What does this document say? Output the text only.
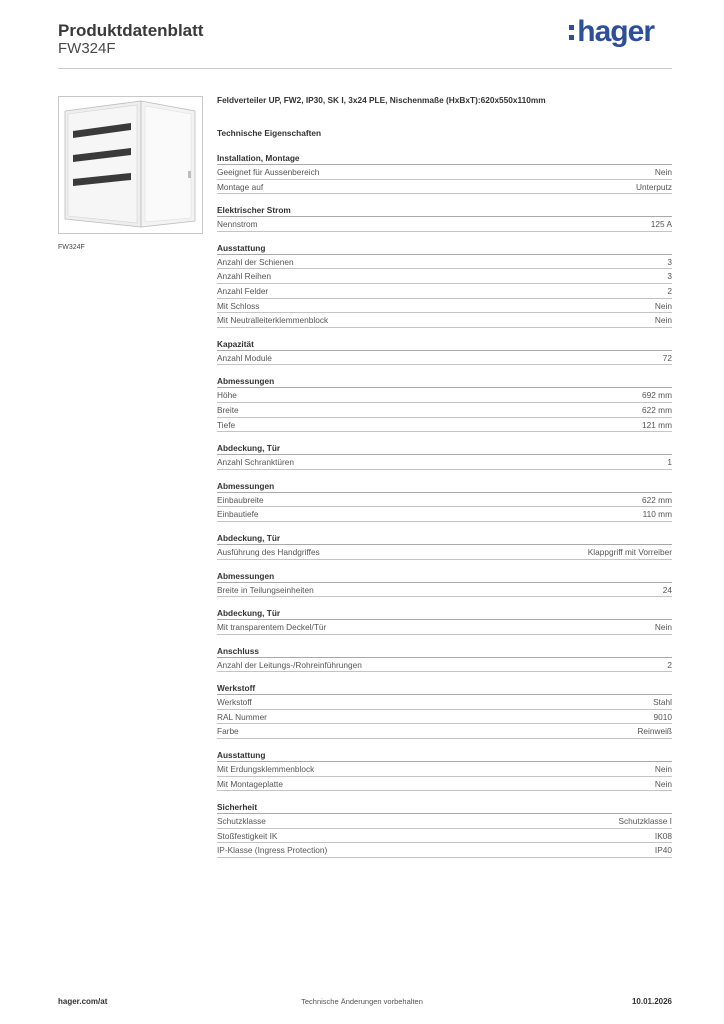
Produktdatenblatt
FW324F
hager
FW324F
Feldverteiler UP, FW2, IP30, SK I, 3x24 PLE, Nischenmaße (HxBxT):620x550x110mm
Technische Eigenschaften
Installation, Montage
Geeignet für Aussenbereich	Nein
Montage auf	Unterputz
Elektrischer Strom
Nennstrom	125 A
Ausstattung
Anzahl der Schienen	3
Anzahl Reihen	3
Anzahl Felder	2
Mit Schloss	Nein
Mit Neutralleiterklemmenblock	Nein
Kapazität
Anzahl Module	72
Abmessungen
Höhe	692 mm
Breite	622 mm
Tiefe	121 mm
Abdeckung, Tür
Anzahl Schranktüren	1
Abmessungen
Einbaubreite	622 mm
Einbautiefe	110 mm
Abdeckung, Tür
Ausführung des Handgriffes	Klappgriff mit Vorreiber
Abmessungen
Breite in Teilungseinheiten	24
Abdeckung, Tür
Mit transparentem Deckel/Tür	Nein
Anschluss
Anzahl der Leitungs-/Rohreinführungen	2
Werkstoff
Werkstoff	Stahl
RAL Nummer	9010
Farbe	Reinweiß
Ausstattung
Mit Erdungsklemmenblock	Nein
Mit Montageplatte	Nein
Sicherheit
Schutzklasse	Schutzklasse I
Stoßfestigkeit IK	IK08
IP-Klasse (Ingress Protection)	IP40
hager.com/at	Technische Änderungen vorbehalten	10.01.2026
